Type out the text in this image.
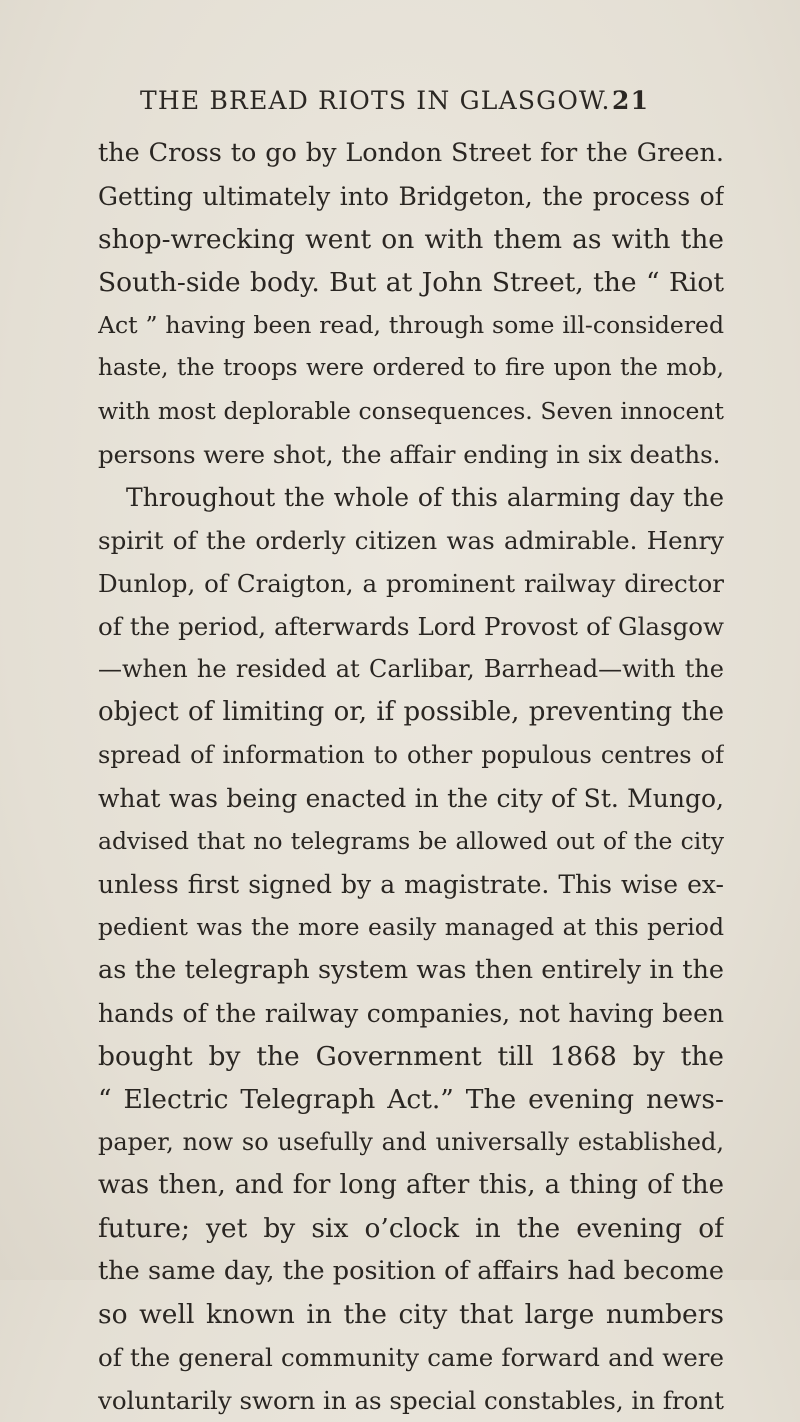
THE BREAD RIOTS IN GLASGOW. 21
the Cross to go by London Street for the Green.
Getting ultimately into Bridgeton, the process of
shop-wrecking went on with them as with the
South-side body. But at John Street, the “ Riot
Act ” having been read, through some ill-considered
haste, the troops were ordered to fire upon the mob,
with most deplorable consequences. Seven innocent
persons were shot, the affair ending in six deaths.
Throughout the whole of this alarming day the
spirit of the orderly citizen was admirable. Henry
Dunlop, of Craigton, a prominent railway director
of the period, afterwards Lord Provost of Glasgow
—when he resided at Carlibar, Barrhead—with the
object of limiting or, if possible, preventing the
spread of information to other populous centres of
what was being enacted in the city of St. Mungo,
advised that no telegrams be allowed out of the city
unless first signed by a magistrate. This wise ex-
pedient was the more easily managed at this period
as the telegraph system was then entirely in the
hands of the railway companies, not having been
bought by the Government till 1868 by the
“ Electric Telegraph Act.” The evening news-
paper, now so usefully and universally established,
was then, and for long after this, a thing of the
future; yet by six o’clock in the evening of
the same day, the position of affairs had become
so well known in the city that large numbers
of the general community came forward and were
voluntarily sworn in as special constables, in front
